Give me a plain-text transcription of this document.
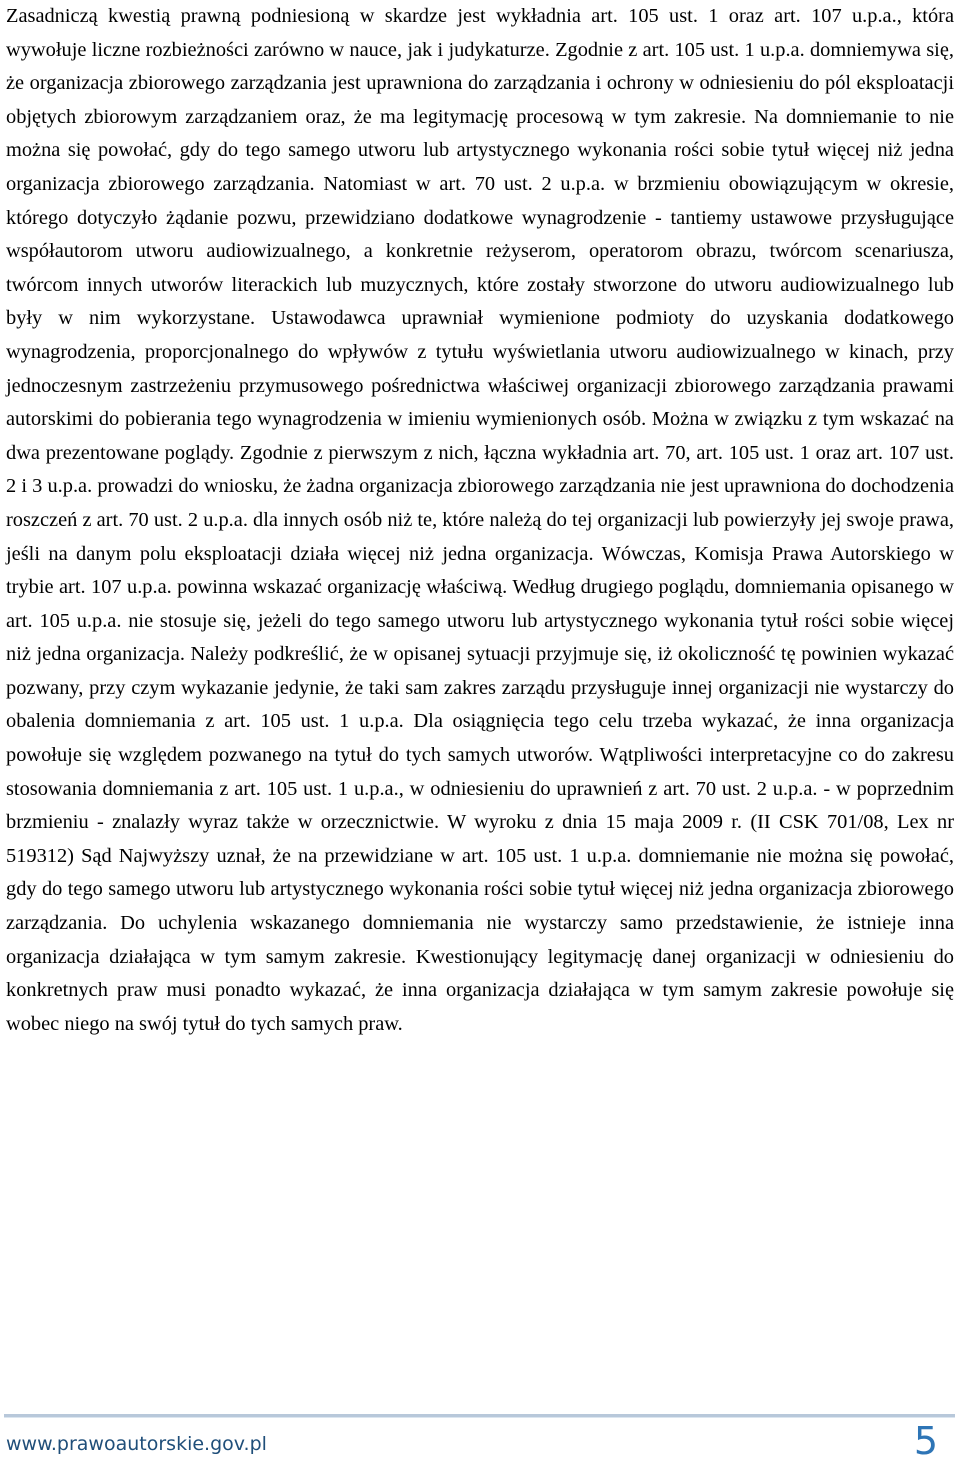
Zasadniczą kwestią prawną podniesioną w skardze jest wykładnia art. 105 ust. 1 oraz art. 107 u.p.a., która wywołuje liczne rozbieżności zarówno w nauce, jak i judykaturze. Zgodnie z art. 105 ust. 1 u.p.a. domniemywa się, że organizacja zbiorowego zarządzania jest uprawniona do zarządzania i ochrony w odniesieniu do pól eksploatacji objętych zbiorowym zarządzaniem oraz, że ma legitymację procesową w tym zakresie. Na domniemanie to nie można się powołać, gdy do tego samego utworu lub artystycznego wykonania rości sobie tytuł więcej niż jedna organizacja zbiorowego zarządzania. Natomiast w art. 70 ust. 2 u.p.a. w brzmieniu obowiązującym w okresie, którego dotyczyło żądanie pozwu, przewidziano dodatkowe wynagrodzenie - tantiemy ustawowe przysługujące współautorom utworu audiowizualnego, a konkretnie reżyserom, operatorom obrazu, twórcom scenariusza, twórcom innych utworów literackich lub muzycznych, które zostały stworzone do utworu audiowizualnego lub były w nim wykorzystane. Ustawodawca uprawniał wymienione podmioty do uzyskania dodatkowego wynagrodzenia, proporcjonalnego do wpływów z tytułu wyświetlania utworu audiowizualnego w kinach, przy jednoczesnym zastrzeżeniu przymusowego pośrednictwa właściwej organizacji zbiorowego zarządzania prawami autorskimi do pobierania tego wynagrodzenia w imieniu wymienionych osób. Można w związku z tym wskazać na dwa prezentowane poglądy. Zgodnie z pierwszym z nich, łączna wykładnia art. 70, art. 105 ust. 1 oraz art. 107 ust. 2 i 3 u.p.a. prowadzi do wniosku, że żadna organizacja zbiorowego zarządzania nie jest uprawniona do dochodzenia roszczeń z art. 70 ust. 2 u.p.a. dla innych osób niż te, które należą do tej organizacji lub powierzyły jej swoje prawa, jeśli na danym polu eksploatacji działa więcej niż jedna organizacja. Wówczas, Komisja Prawa Autorskiego w trybie art. 107 u.p.a. powinna wskazać organizację właściwą. Według drugiego poglądu, domniemania opisanego w art. 105 u.p.a. nie stosuje się, jeżeli do tego samego utworu lub artystycznego wykonania tytuł rości sobie więcej niż jedna organizacja. Należy podkreślić, że w opisanej sytuacji przyjmuje się, iż okoliczność tę powinien wykazać pozwany, przy czym wykazanie jedynie, że taki sam zakres zarządu przysługuje innej organizacji nie wystarczy do obalenia domniemania z art. 105 ust. 1 u.p.a. Dla osiągnięcia tego celu trzeba wykazać, że inna organizacja powołuje się względem pozwanego na tytuł do tych samych utworów. Wątpliwości interpretacyjne co do zakresu stosowania domniemania z art. 105 ust. 1 u.p.a., w odniesieniu do uprawnień z art. 70 ust. 2 u.p.a. - w poprzednim brzmieniu - znalazły wyraz także w orzecznictwie. W wyroku z dnia 15 maja 2009 r. (II CSK 701/08, Lex nr 519312) Sąd Najwyższy uznał, że na przewidziane w art. 105 ust. 1 u.p.a. domniemanie nie można się powołać, gdy do tego samego utworu lub artystycznego wykonania rości sobie tytuł więcej niż jedna organizacja zbiorowego zarządzania. Do uchylenia wskazanego domniemania nie wystarczy samo przedstawienie, że istnieje inna organizacja działająca w tym samym zakresie. Kwestionujący legitymację danej organizacji w odniesieniu do konkretnych praw musi ponadto wykazać, że inna organizacja działająca w tym samym zakresie powołuje się wobec niego na swój tytuł do tych samych praw.

www.prawoautorskie.gov.pl	5
